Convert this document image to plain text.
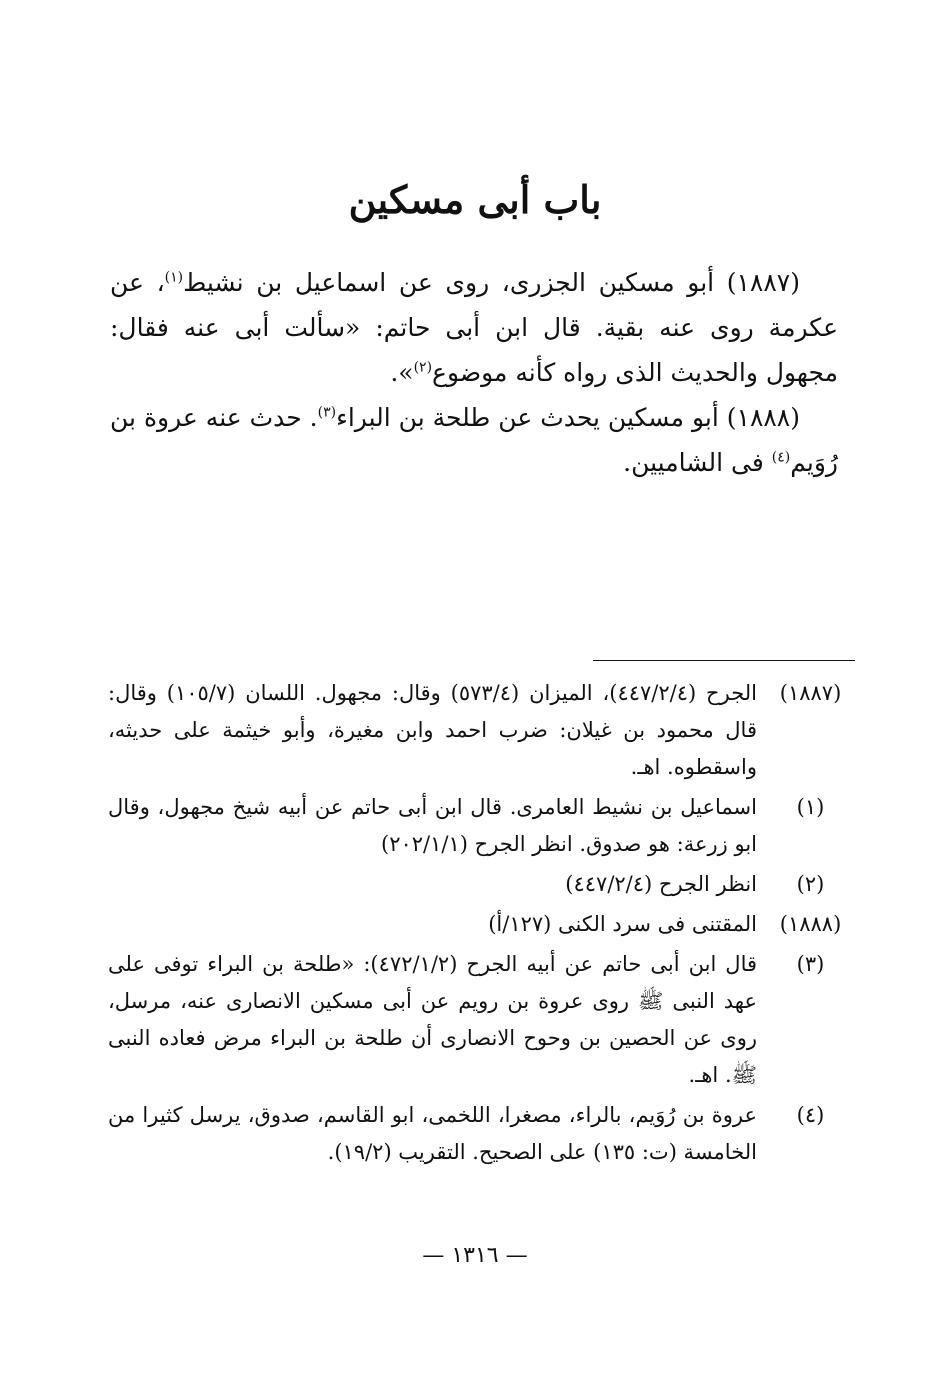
باب أبى مسكين

(١٨٨٧) أبو مسكين الجزرى، روى عن اسماعيل بن نشيط$^{(١)}$، عن عكرمة روى عنه بقية. قال ابن أبى حاتم: «سألت أبى عنه فقال: مجهول والحديث الذى رواه كأنه موضوع$^{(٢)}$».

(١٨٨٨) أبو مسكين يحدث عن طلحة بن البراء$^{(٣)}$. حدث عنه عروة بن رُوَيم$^{(٤)}$ فى الشاميين.

(١٨٨٧)
الجرح (٤٤٧/٢/٤)، الميزان (٥٧٣/٤) وقال: مجهول. اللسان (١٠٥/٧) وقال: قال محمود بن غيلان: ضرب احمد وابن مغيرة، وأبو خيثمة على حديثه، واسقطوه. اهـ.
(١)
اسماعيل بن نشيط العامرى. قال ابن أبى حاتم عن أبيه شيخ مجهول، وقال ابو زرعة: هو صدوق. انظر الجرح (٢٠٢/١/١)
(٢)
انظر الجرح (٤٤٧/٢/٤)
(١٨٨٨)
المقتنى فى سرد الكنى (١٢٧/أ)
(٣)
قال ابن أبى حاتم عن أبيه الجرح (٤٧٢/١/٢): «طلحة بن البراء توفى على عهد النبى ﷺ روى عروة بن رويم عن أبى مسكين الانصارى عنه، مرسل، روى عن الحصين بن وحوح الانصارى أن طلحة بن البراء مرض فعاده النبى ﷺ. اهـ.
(٤)
عروة بن رُوَيم، بالراء، مصغرا، اللخمى، ابو القاسم، صدوق، يرسل كثيرا من الخامسة (ت: ١٣٥) على الصحيح. التقريب (١٩/٢).
— ١٣١٦ —
